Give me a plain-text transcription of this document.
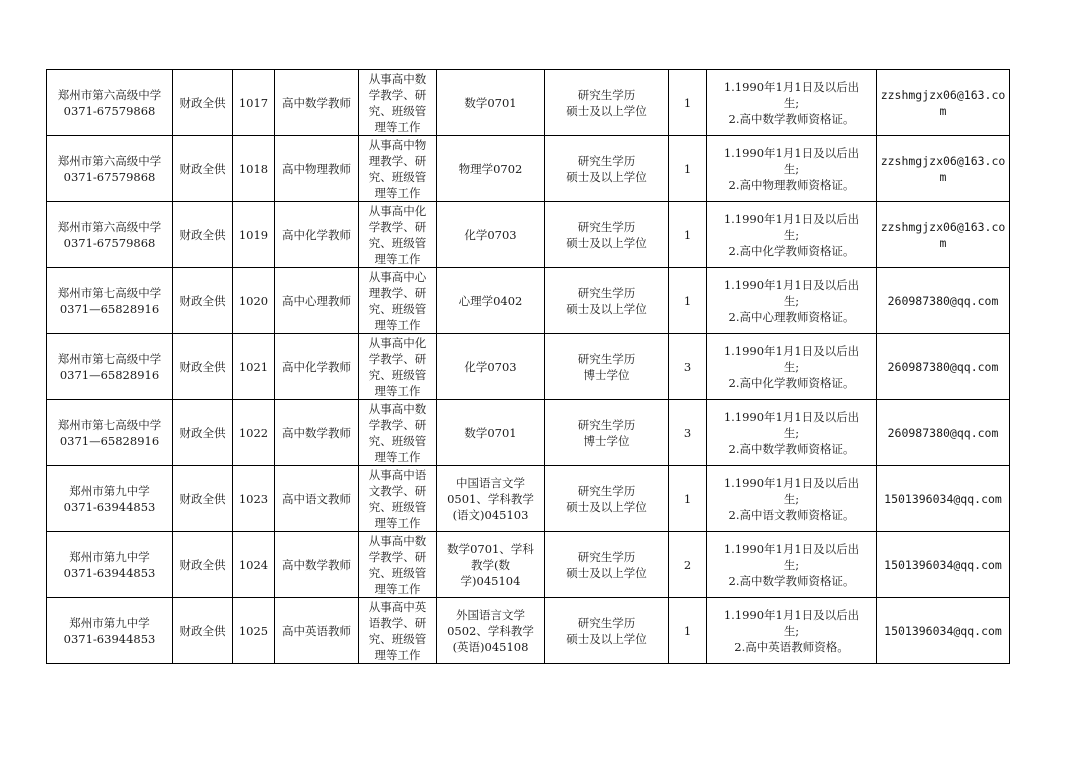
郑州市第六高级中学
0371-67579868	财政全供	1017	高中数学教师	从事高中数
学教学、研
究、班级管
理等工作	数学0701	研究生学历
硕士及以上学位	1	1.1990年1月1日及以后出
生;
2.高中数学教师资格证。	zzshmgjzx06@163.com

郑州市第六高级中学
0371-67579868	财政全供	1018	高中物理教师	从事高中物
理教学、研
究、班级管
理等工作	物理学0702	研究生学历
硕士及以上学位	1	1.1990年1月1日及以后出
生;
2.高中物理教师资格证。	zzshmgjzx06@163.com

郑州市第六高级中学
0371-67579868	财政全供	1019	高中化学教师	从事高中化
学教学、研
究、班级管
理等工作	化学0703	研究生学历
硕士及以上学位	1	1.1990年1月1日及以后出
生;
2.高中化学教师资格证。	zzshmgjzx06@163.com

郑州市第七高级中学
0371—65828916	财政全供	1020	高中心理教师	从事高中心
理教学、研
究、班级管
理等工作	心理学0402	研究生学历
硕士及以上学位	1	1.1990年1月1日及以后出
生;
2.高中心理教师资格证。	260987380@qq.com

郑州市第七高级中学
0371—65828916	财政全供	1021	高中化学教师	从事高中化
学教学、研
究、班级管
理等工作	化学0703	研究生学历
博士学位	3	1.1990年1月1日及以后出
生;
2.高中化学教师资格证。	260987380@qq.com

郑州市第七高级中学
0371—65828916	财政全供	1022	高中数学教师	从事高中数
学教学、研
究、班级管
理等工作	数学0701	研究生学历
博士学位	3	1.1990年1月1日及以后出
生;
2.高中数学教师资格证。	260987380@qq.com

郑州市第九中学
0371-63944853	财政全供	1023	高中语文教师	从事高中语
文教学、研
究、班级管
理等工作	中国语言文学
0501、学科教学
(语文)045103	研究生学历
硕士及以上学位	1	1.1990年1月1日及以后出
生;
2.高中语文教师资格证。	1501396034@qq.com

郑州市第九中学
0371-63944853	财政全供	1024	高中数学教师	从事高中数
学教学、研
究、班级管
理等工作	数学0701、学科
教学(数
学)045104	研究生学历
硕士及以上学位	2	1.1990年1月1日及以后出
生;
2.高中数学教师资格证。	1501396034@qq.com

郑州市第九中学
0371-63944853	财政全供	1025	高中英语教师	从事高中英
语教学、研
究、班级管
理等工作	外国语言文学
0502、学科教学
(英语)045108	研究生学历
硕士及以上学位	1	1.1990年1月1日及以后出
生;
2.高中英语教师资格。	1501396034@qq.com
